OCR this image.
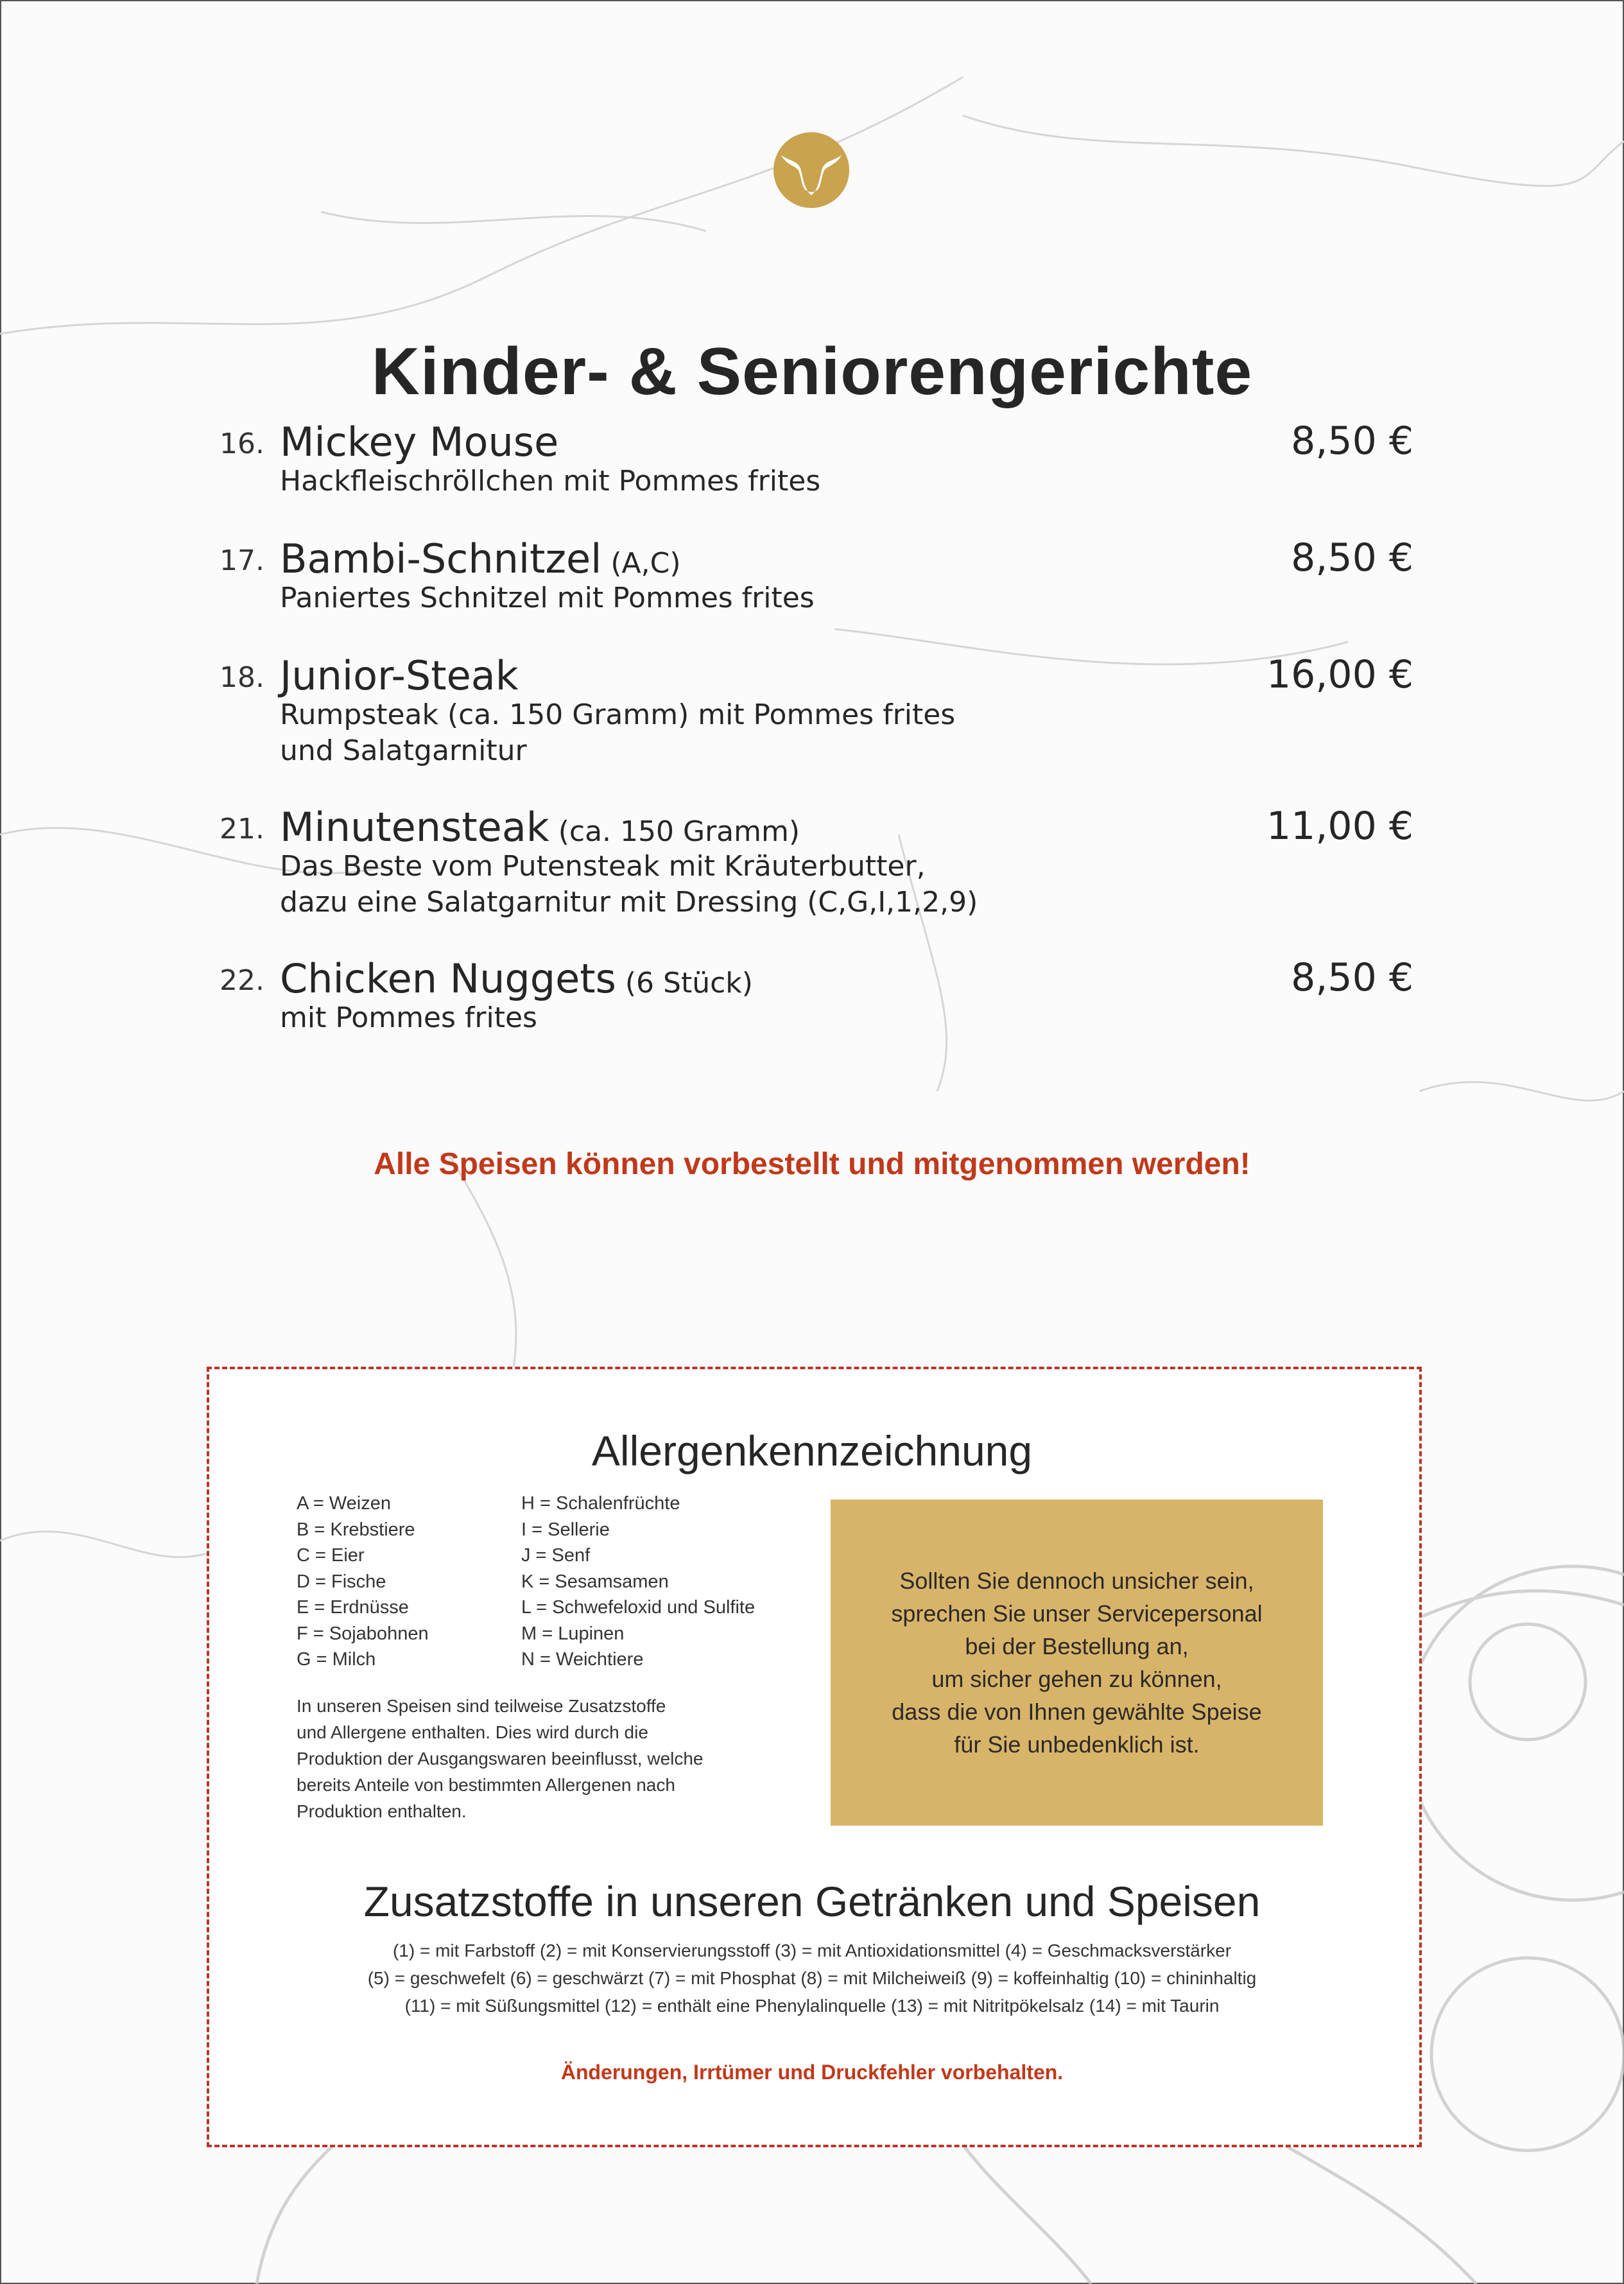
Kinder- & Seniorengerichte
16. Mickey Mouse	8,50 €
Hackfleischröllchen mit Pommes frites
17. Bambi-Schnitzel (A,C)	8,50 €
Paniertes Schnitzel mit Pommes frites
18. Junior-Steak	16,00 €
Rumpsteak (ca. 150 Gramm) mit Pommes frites
und Salatgarnitur
21. Minutensteak (ca. 150 Gramm)	11,00 €
Das Beste vom Putensteak mit Kräuterbutter,
dazu eine Salatgarnitur mit Dressing (C,G,I,1,2,9)
22. Chicken Nuggets (6 Stück)	8,50 €
mit Pommes frites
Alle Speisen können vorbestellt und mitgenommen werden!
Allergenkennzeichnung
A = Weizen
B = Krebstiere
C = Eier
D = Fische
E = Erdnüsse
F = Sojabohnen
G = Milch
H = Schalenfrüchte
I = Sellerie
J = Senf
K = Sesamsamen
L = Schwefeloxid und Sulfite
M = Lupinen
N = Weichtiere
In unseren Speisen sind teilweise Zusatzstoffe
und Allergene enthalten. Dies wird durch die
Produktion der Ausgangswaren beeinflusst, welche
bereits Anteile von bestimmten Allergenen nach
Produktion enthalten.
Sollten Sie dennoch unsicher sein,
sprechen Sie unser Servicepersonal
bei der Bestellung an,
um sicher gehen zu können,
dass die von Ihnen gewählte Speise
für Sie unbedenklich ist.
Zusatzstoffe in unseren Getränken und Speisen
(1) = mit Farbstoff (2) = mit Konservierungsstoff (3) = mit Antioxidationsmittel (4) = Geschmacksverstärker
(5) = geschwefelt (6) = geschwärzt (7) = mit Phosphat (8) = mit Milcheiweiß (9) = koffeinhaltig (10) = chininhaltig
(11) = mit Süßungsmittel (12) = enthält eine Phenylalinquelle (13) = mit Nitritpökelsalz (14) = mit Taurin
Änderungen, Irrtümer und Druckfehler vorbehalten.
